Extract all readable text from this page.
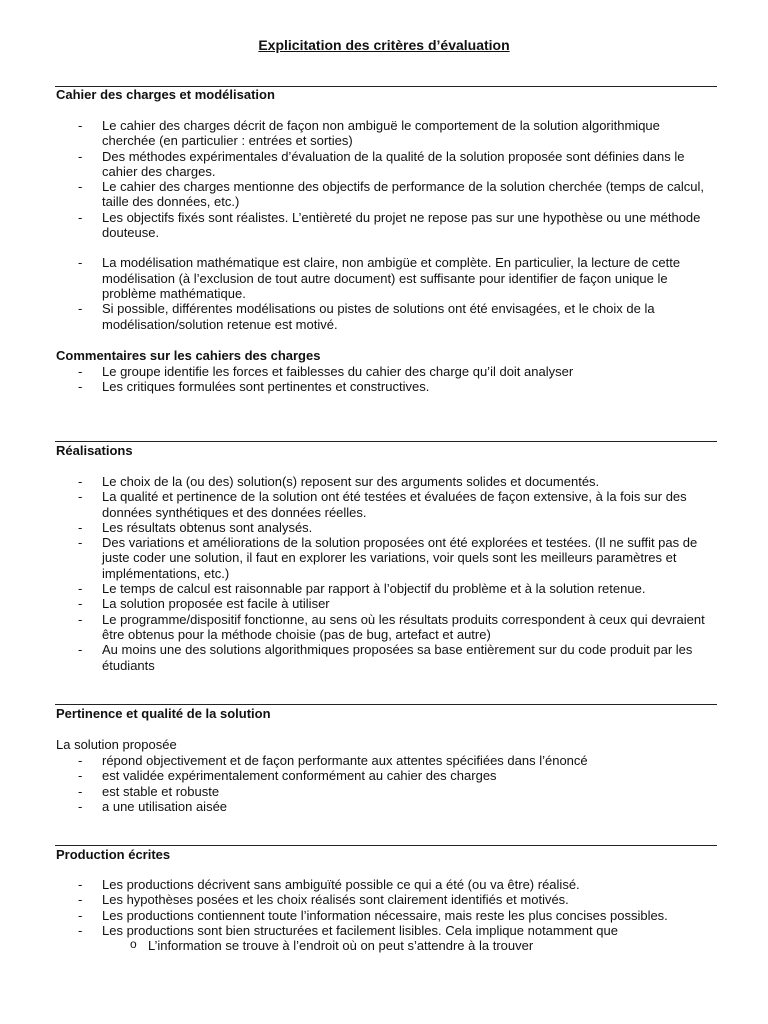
Explicitation des critères d’évaluation
Cahier des charges et modélisation
- Le cahier des charges décrit de façon non ambiguë le comportement de la solution algorithmique cherchée (en particulier : entrées et sorties)
- Des méthodes expérimentales d’évaluation de la qualité de la solution proposée sont définies dans le cahier des charges.
- Le cahier des charges mentionne des objectifs de performance de la solution cherchée (temps de calcul, taille des données, etc.)
- Les objectifs fixés sont réalistes. L’entièreté du projet ne repose pas sur une hypothèse ou une méthode douteuse.
- La modélisation mathématique est claire, non ambigüe et complète. En particulier, la lecture de cette modélisation (à l’exclusion de tout autre document) est suffisante pour identifier de façon unique le problème mathématique.
- Si possible, différentes modélisations ou pistes de solutions ont été envisagées, et le choix de la modélisation/solution retenue est motivé.
Commentaires sur les cahiers des charges
- Le groupe identifie les forces et faiblesses du cahier des charge qu’il doit analyser
- Les critiques formulées sont pertinentes et constructives.
Réalisations
- Le choix de la (ou des) solution(s) reposent sur des arguments solides et documentés.
- La qualité et pertinence de la solution ont été testées et évaluées de façon extensive, à la fois sur des données synthétiques et des données réelles.
- Les résultats obtenus sont analysés.
- Des variations et améliorations de la solution proposées ont été explorées et testées. (Il ne suffit pas de juste coder une solution, il faut en explorer les variations, voir quels sont les meilleurs paramètres et implémentations, etc.)
- Le temps de calcul est raisonnable par rapport à l’objectif du problème et à la solution retenue.
- La solution proposée est facile à utiliser
- Le programme/dispositif fonctionne, au sens où les résultats produits correspondent à ceux qui devraient être obtenus pour la méthode choisie (pas de bug, artefact et autre)
- Au moins une des solutions algorithmiques proposées sa base entièrement sur du code produit par les étudiants
Pertinence et qualité de la solution
La solution proposée
- répond objectivement et de façon performante aux attentes spécifiées dans l’énoncé
- est validée expérimentalement conformément au cahier des charges
- est stable et robuste
- a une utilisation aisée
Production écrites
- Les productions décrivent sans ambiguïté possible ce qui a été (ou va être) réalisé.
- Les hypothèses posées et les choix réalisés sont clairement identifiés et motivés.
- Les productions contiennent toute l’information nécessaire, mais reste les plus concises possibles.
- Les productions sont bien structurées et facilement lisibles. Cela implique notamment que
o L’information se trouve à l’endroit où on peut s’attendre à la trouver
